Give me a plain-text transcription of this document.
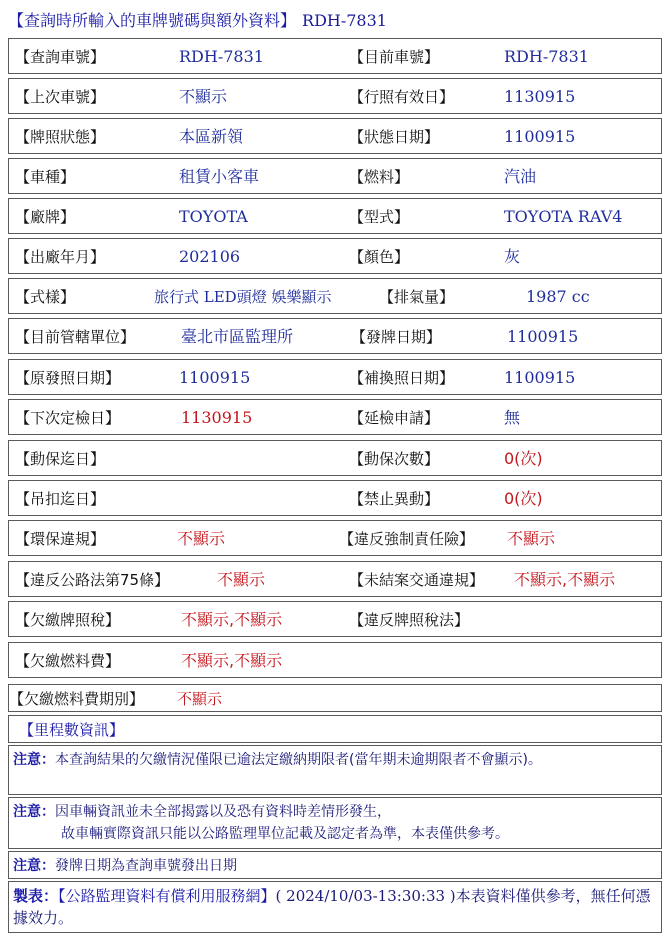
【查詢時所輸入的車牌號碼與額外資料】 RDH-7831
【查詢車號】	RDH-7831	【目前車號】	RDH-7831
【上次車號】	不顯示	【行照有效日】	1130915
【牌照狀態】	本區新領	【狀態日期】	1100915
【車種】	租賃小客車	【燃料】	汽油
【廠牌】	TOYOTA	【型式】	TOYOTA RAV4
【出廠年月】	202106	【顏色】	灰
【式樣】	旅行式 LED頭燈 娛樂顯示	【排氣量】	1987 cc
【目前管轄單位】	臺北市區監理所	【發牌日期】	1100915
【原發照日期】	1100915	【補換照日期】	1100915
【下次定檢日】	1130915	【延檢申請】	無
【動保迄日】	【動保次數】	0(次)
【吊扣迄日】	【禁止異動】	0(次)
【環保違規】	不顯示	【違反強制責任險】 不顯示
【違反公路法第75條】	不顯示	【未結案交通違規】 不顯示,不顯示
【欠繳牌照稅】	不顯示,不顯示	【違反牌照稅法】
【欠繳燃料費】	不顯示,不顯示
【欠繳燃料費期別】 不顯示
【里程數資訊】
注意：本查詢結果的欠繳情況僅限已逾法定繳納期限者(當年期未逾期限者不會顯示)。
注意：因車輛資訊並未全部揭露以及恐有資料時差情形發生，
故車輛實際資訊只能以公路監理單位記載及認定者為準，本表僅供參考。
注意：發牌日期為查詢車號發出日期
製表：【公路監理資料有償利用服務網】( 2024/10/03-13:30:33 )本表資料僅供參考，無任何憑據效力。
